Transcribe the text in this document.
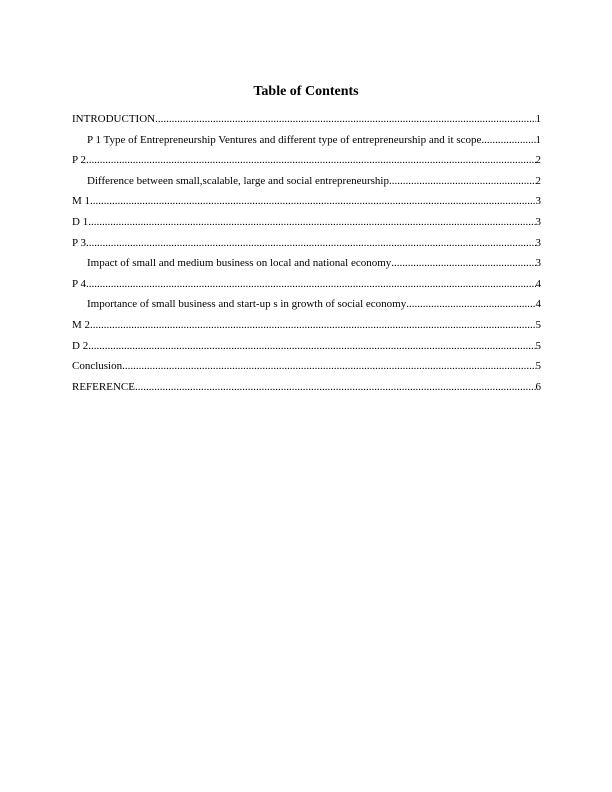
Table of Contents
INTRODUCTION .....	1
P 1 Type of Entrepreneurship Ventures and different type of entrepreneurship and it scope .....	1
P 2 .....	2
Difference between small,scalable, large and social entrepreneurship .....	2
M 1 .....	3
D 1 .....	3
P 3 .....	3
Impact of small and medium business on local and national economy .....	3
P 4 .....	4
Importance of small business and start-up s in growth of social economy .....	4
M 2 .....	5
D 2 .....	5
Conclusion .....	5
REFERENCE .....	6
